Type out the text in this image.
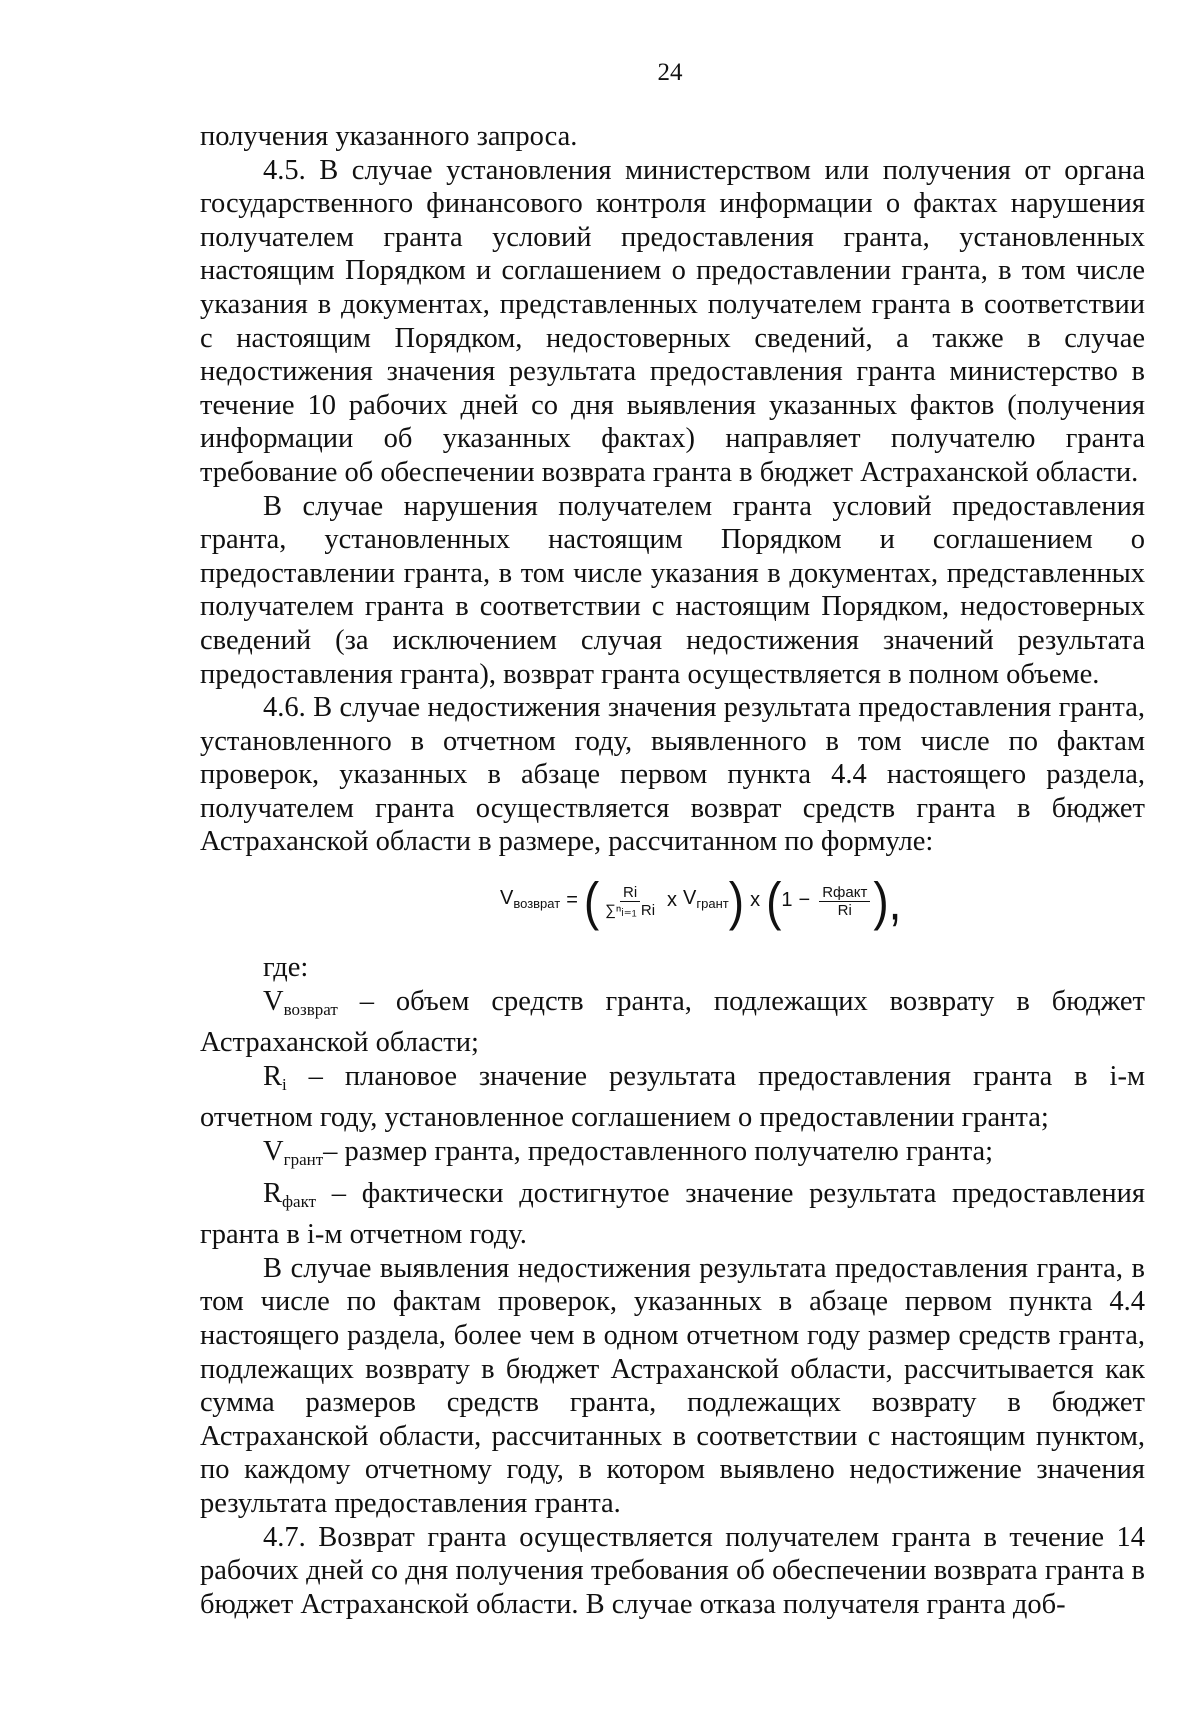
24

получения указанного запроса.

4.5. В случае установления министерством или получения от органа государственного финансового контроля информации о фактах нарушения получателем гранта условий предоставления гранта, установленных настоящим Порядком и соглашением о предоставлении гранта, в том числе указания в документах, представленных получателем гранта в соответствии с настоящим Порядком, недостоверных сведений, а также в случае недостижения значения результата предоставления гранта министерство в течение 10 рабочих дней со дня выявления указанных фактов (получения информации об указанных фактах) направляет получателю гранта требование об обеспечении возврата гранта в бюджет Астраханской области.

В случае нарушения получателем гранта условий предоставления гранта, установленных настоящим Порядком и соглашением о предоставлении гранта, в том числе указания в документах, представленных получателем гранта в соответствии с настоящим Порядком, недостоверных сведений (за исключением случая недостижения значений результата предоставления гранта), возврат гранта осуществляется в полном объеме.

4.6. В случае недостижения значения результата предоставления гранта, установленного в отчетном году, выявленного в том числе по фактам проверок, указанных в абзаце первом пункта 4.4 настоящего раздела, получателем гранта осуществляется возврат средств гранта в бюджет Астраханской области в размере, рассчитанном по формуле:

$V_{возврат}$ = ( $\frac{Ri}{\text{∑ⁿᵢ₌₁ Ri}}$ x $V_{грант}$ ) x ( $1 - \frac{\text{Rфакт}}{Ri}$ ),

где:

Vвозврат – объем средств гранта, подлежащих возврату в бюджет Астраханской области;

Ri – плановое значение результата предоставления гранта в i-м отчетном году, установленное соглашением о предоставлении гранта;

Vгрант– размер гранта, предоставленного получателю гранта;

Rфакт – фактически достигнутое значение результата предоставления гранта в i-м отчетном году.

В случае выявления недостижения результата предоставления гранта, в том числе по фактам проверок, указанных в абзаце первом пункта 4.4 настоящего раздела, более чем в одном отчетном году размер средств гранта, подлежащих возврату в бюджет Астраханской области, рассчитывается как сумма размеров средств гранта, подлежащих возврату в бюджет Астраханской области, рассчитанных в соответствии с настоящим пунктом, по каждому отчетному году, в котором выявлено недостижение значения результата предоставления гранта.

4.7. Возврат гранта осуществляется получателем гранта в течение 14 рабочих дней со дня получения требования об обеспечении возврата гранта в бюджет Астраханской области. В случае отказа получателя гранта доб-
